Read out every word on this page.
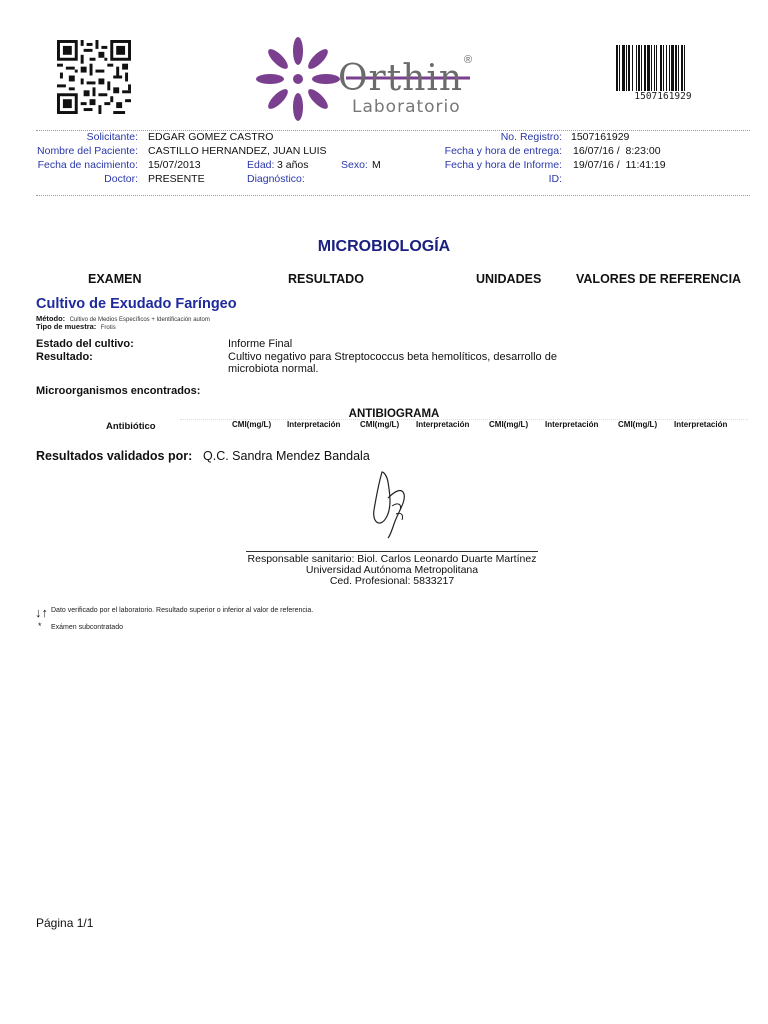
Orthin
Laboratorio
®
1507161929
Solicitante: EDGAR GOMEZ CASTRO
Nombre del Paciente: CASTILLO HERNANDEZ, JUAN LUIS
Fecha de nacimiento: 15/07/2013	Edad: 3 años	Sexo: M
Doctor: PRESENTE	Diagnóstico:
No. Registro: 1507161929
Fecha y hora de entrega: 16/07/16 /  8:23:00
Fecha y hora de Informe: 19/07/16 /  11:41:19
ID:
MICROBIOLOGÍA
EXAMEN	RESULTADO	UNIDADES	VALORES DE REFERENCIA
Cultivo de Exudado Faríngeo
Método: Cultivo de Medios Específicos + Identificación autom
Tipo de muestra: Frotis
Estado del cultivo:	Informe Final
Resultado:	Cultivo negativo para Streptococcus beta hemolíticos, desarrollo de
microbiota normal.
Microorganismos encontrados:
ANTIBIOGRAMA
Antibiótico	CMI(mg/L) Interpretación CMI(mg/L) Interpretación CMI(mg/L) Interpretación CMI(mg/L) Interpretación
Resultados validados por: Q.C. Sandra Mendez Bandala
Responsable sanitario: Biol. Carlos Leonardo Duarte Martínez
Universidad Autónoma Metropolitana
Ced. Profesional: 5833217
↓↑ Dato verificado por el laboratorio. Resultado superior o inferior al valor de referencia.
* Exámen subcontratado
Página 1/1
